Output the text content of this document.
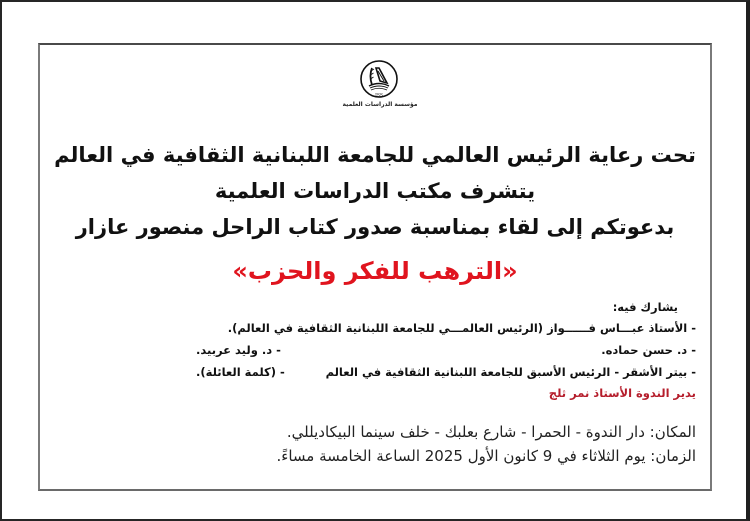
ISS
مؤسسة الدراسات العلمية
تحت رعاية الرئيس العالمي للجامعة اللبنانية الثقافية في العالم
يتشرف مكتب الدراسات العلمية
بدعوتكم إلى لقاء بمناسبة صدور كتاب الراحل منصور عازار
«الترهب للفكر والحزب»
يشارك فيه:
- الأستاذ عبـــاس فــــــواز (الرئيس العالمـــي للجامعة اللبنانية الثقافية في العالم).
- د. حسن حماده.
- د. وليد عربيد.
- بيتر الأشقر - الرئيس الأسبق للجامعة اللبنانية الثقافية في العالم
- (كلمة العائلة).
يدير الندوة الأستاذ نمر ثلج
المكان: دار الندوة - الحمرا - شارع بعلبك - خلف سينما البيكاديللي.
الزمان: يوم الثلاثاء في 9 كانون الأول 2025 الساعة الخامسة مساءً.
